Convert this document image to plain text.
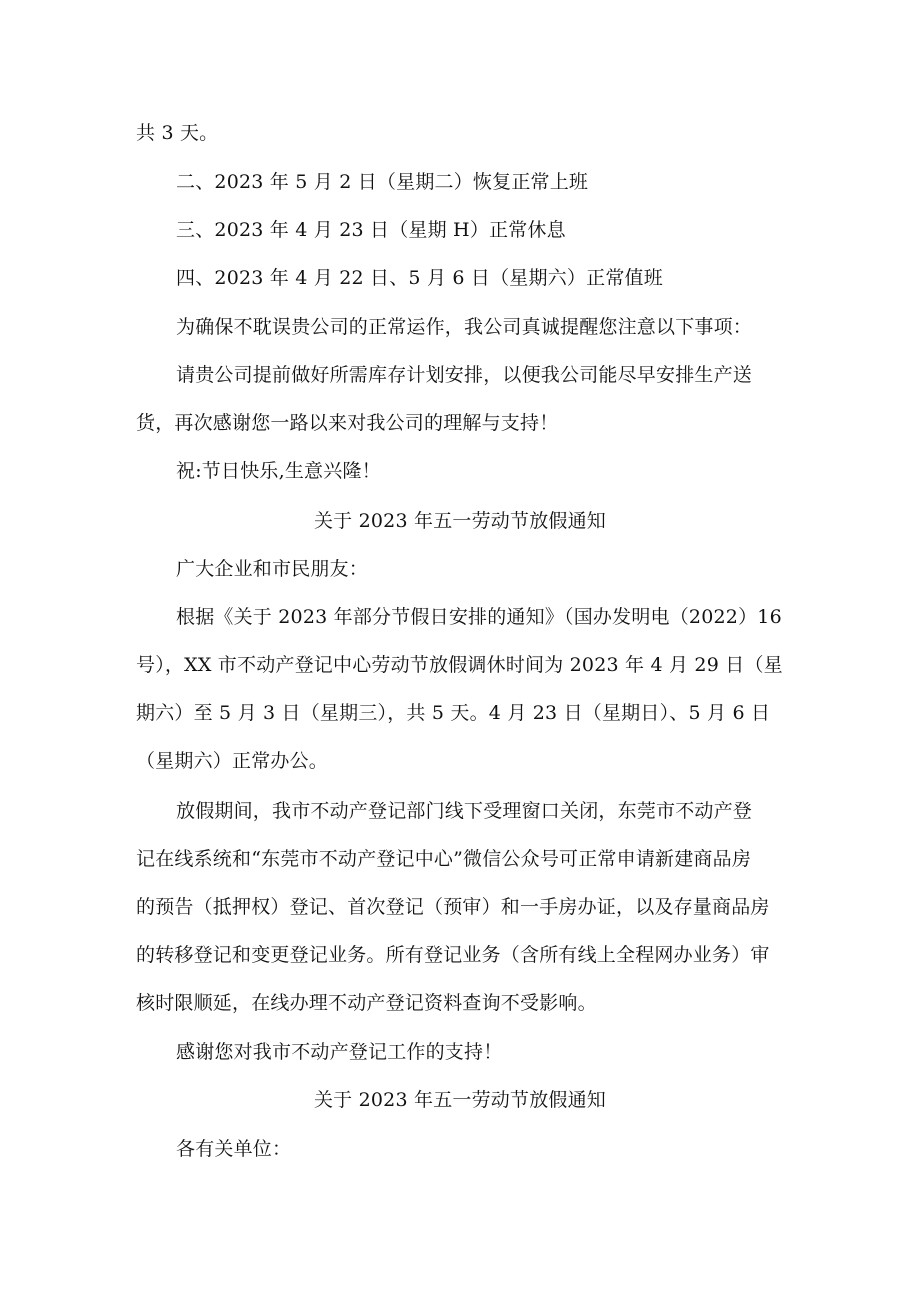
共 3 天。
二、2023 年 5 月 2 日（星期二）恢复正常上班
三、2023 年 4 月 23 日（星期 H）正常休息
四、2023 年 4 月 22 日、5 月 6 日（星期六）正常值班
为确保不耽误贵公司的正常运作，我公司真诚提醒您注意以下事项：
请贵公司提前做好所需库存计划安排，以便我公司能尽早安排生产送
货，再次感谢您一路以来对我公司的理解与支持！
祝:节日快乐,生意兴隆！
关于 2023 年五一劳动节放假通知
广大企业和市民朋友：
根据《关于 2023 年部分节假日安排的通知》（国办发明电（2022）16
号），XX 市不动产登记中心劳动节放假调休时间为 2023 年 4 月 29 日（星
期六）至 5 月 3 日（星期三），共 5 天。4 月 23 日（星期日）、5 月 6 日
（星期六）正常办公。
放假期间，我市不动产登记部门线下受理窗口关闭，东莞市不动产登
记在线系统和“东莞市不动产登记中心”微信公众号可正常申请新建商品房
的预告（抵押权）登记、首次登记（预审）和一手房办证，以及存量商品房
的转移登记和变更登记业务。所有登记业务（含所有线上全程网办业务）审
核时限顺延，在线办理不动产登记资料查询不受影响。
感谢您对我市不动产登记工作的支持！
关于 2023 年五一劳动节放假通知
各有关单位：
